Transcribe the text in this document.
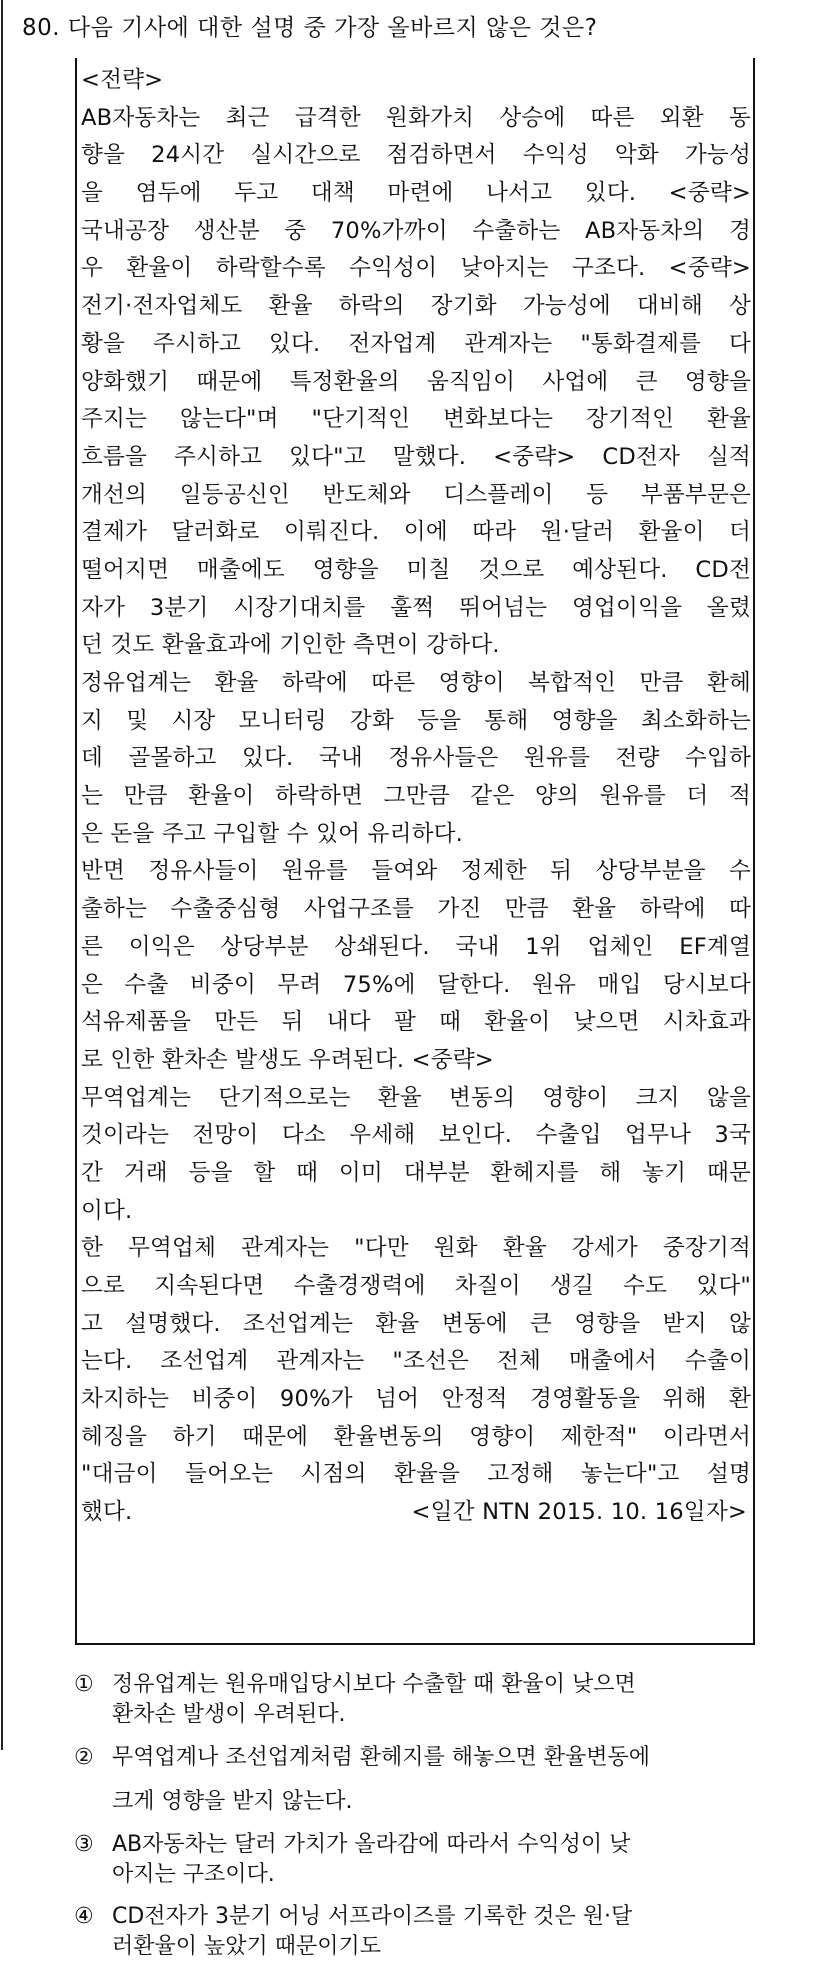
80. 다음 기사에 대한 설명 중 가장 올바르지 않은 것은?
<전략>
AB자동차는 최근 급격한 원화가치 상승에 따른 외환 동
향을 24시간 실시간으로 점검하면서 수익성 악화 가능성
을 염두에 두고 대책 마련에 나서고 있다. <중략>
국내공장 생산분 중 70%가까이 수출하는 AB자동차의 경
우 환율이 하락할수록 수익성이 낮아지는 구조다. <중략>
전기·전자업체도 환율 하락의 장기화 가능성에 대비해 상
황을 주시하고 있다. 전자업계 관계자는 "통화결제를 다
양화했기 때문에 특정환율의 움직임이 사업에 큰 영향을
주지는 않는다"며 "단기적인 변화보다는 장기적인 환율
흐름을 주시하고 있다"고 말했다. <중략> CD전자 실적
개선의 일등공신인 반도체와 디스플레이 등 부품부문은
결제가 달러화로 이뤄진다. 이에 따라 원·달러 환율이 더
떨어지면 매출에도 영향을 미칠 것으로 예상된다. CD전
자가 3분기 시장기대치를 훌쩍 뛰어넘는 영업이익을 올렸
던 것도 환율효과에 기인한 측면이 강하다.
정유업계는 환율 하락에 따른 영향이 복합적인 만큼 환헤
지 및 시장 모니터링 강화 등을 통해 영향을 최소화하는
데 골몰하고 있다. 국내 정유사들은 원유를 전량 수입하
는 만큼 환율이 하락하면 그만큼 같은 양의 원유를 더 적
은 돈을 주고 구입할 수 있어 유리하다.
반면 정유사들이 원유를 들여와 정제한 뒤 상당부분을 수
출하는 수출중심형 사업구조를 가진 만큼 환율 하락에 따
른 이익은 상당부분 상쇄된다. 국내 1위 업체인 EF계열
은 수출 비중이 무려 75%에 달한다. 원유 매입 당시보다
석유제품을 만든 뒤 내다 팔 때 환율이 낮으면 시차효과
로 인한 환차손 발생도 우려된다. <중략>
무역업계는 단기적으로는 환율 변동의 영향이 크지 않을
것이라는 전망이 다소 우세해 보인다. 수출입 업무나 3국
간 거래 등을 할 때 이미 대부분 환헤지를 해 놓기 때문
이다.
한 무역업체 관계자는 "다만 원화 환율 강세가 중장기적
으로 지속된다면 수출경쟁력에 차질이 생길 수도 있다"
고 설명했다. 조선업계는 환율 변동에 큰 영향을 받지 않
는다. 조선업계 관계자는 "조선은 전체 매출에서 수출이
차지하는 비중이 90%가 넘어 안정적 경영활동을 위해 환
헤징을 하기 때문에 환율변동의 영향이 제한적" 이라면서
"대금이 들어오는 시점의 환율을 고정해 놓는다"고 설명
했다.	<일간 NTN 2015. 10. 16일자>
① 정유업계는 원유매입당시보다 수출할 때 환율이 낮으면
환차손 발생이 우려된다.
② 무역업계나 조선업계처럼 환헤지를 해놓으면 환율변동에
크게 영향을 받지 않는다.
③ AB자동차는 달러 가치가 올라감에 따라서 수익성이 낮
아지는 구조이다.
④ CD전자가 3분기 어닝 서프라이즈를 기록한 것은 원·달
러환율이 높았기 때문이기도
